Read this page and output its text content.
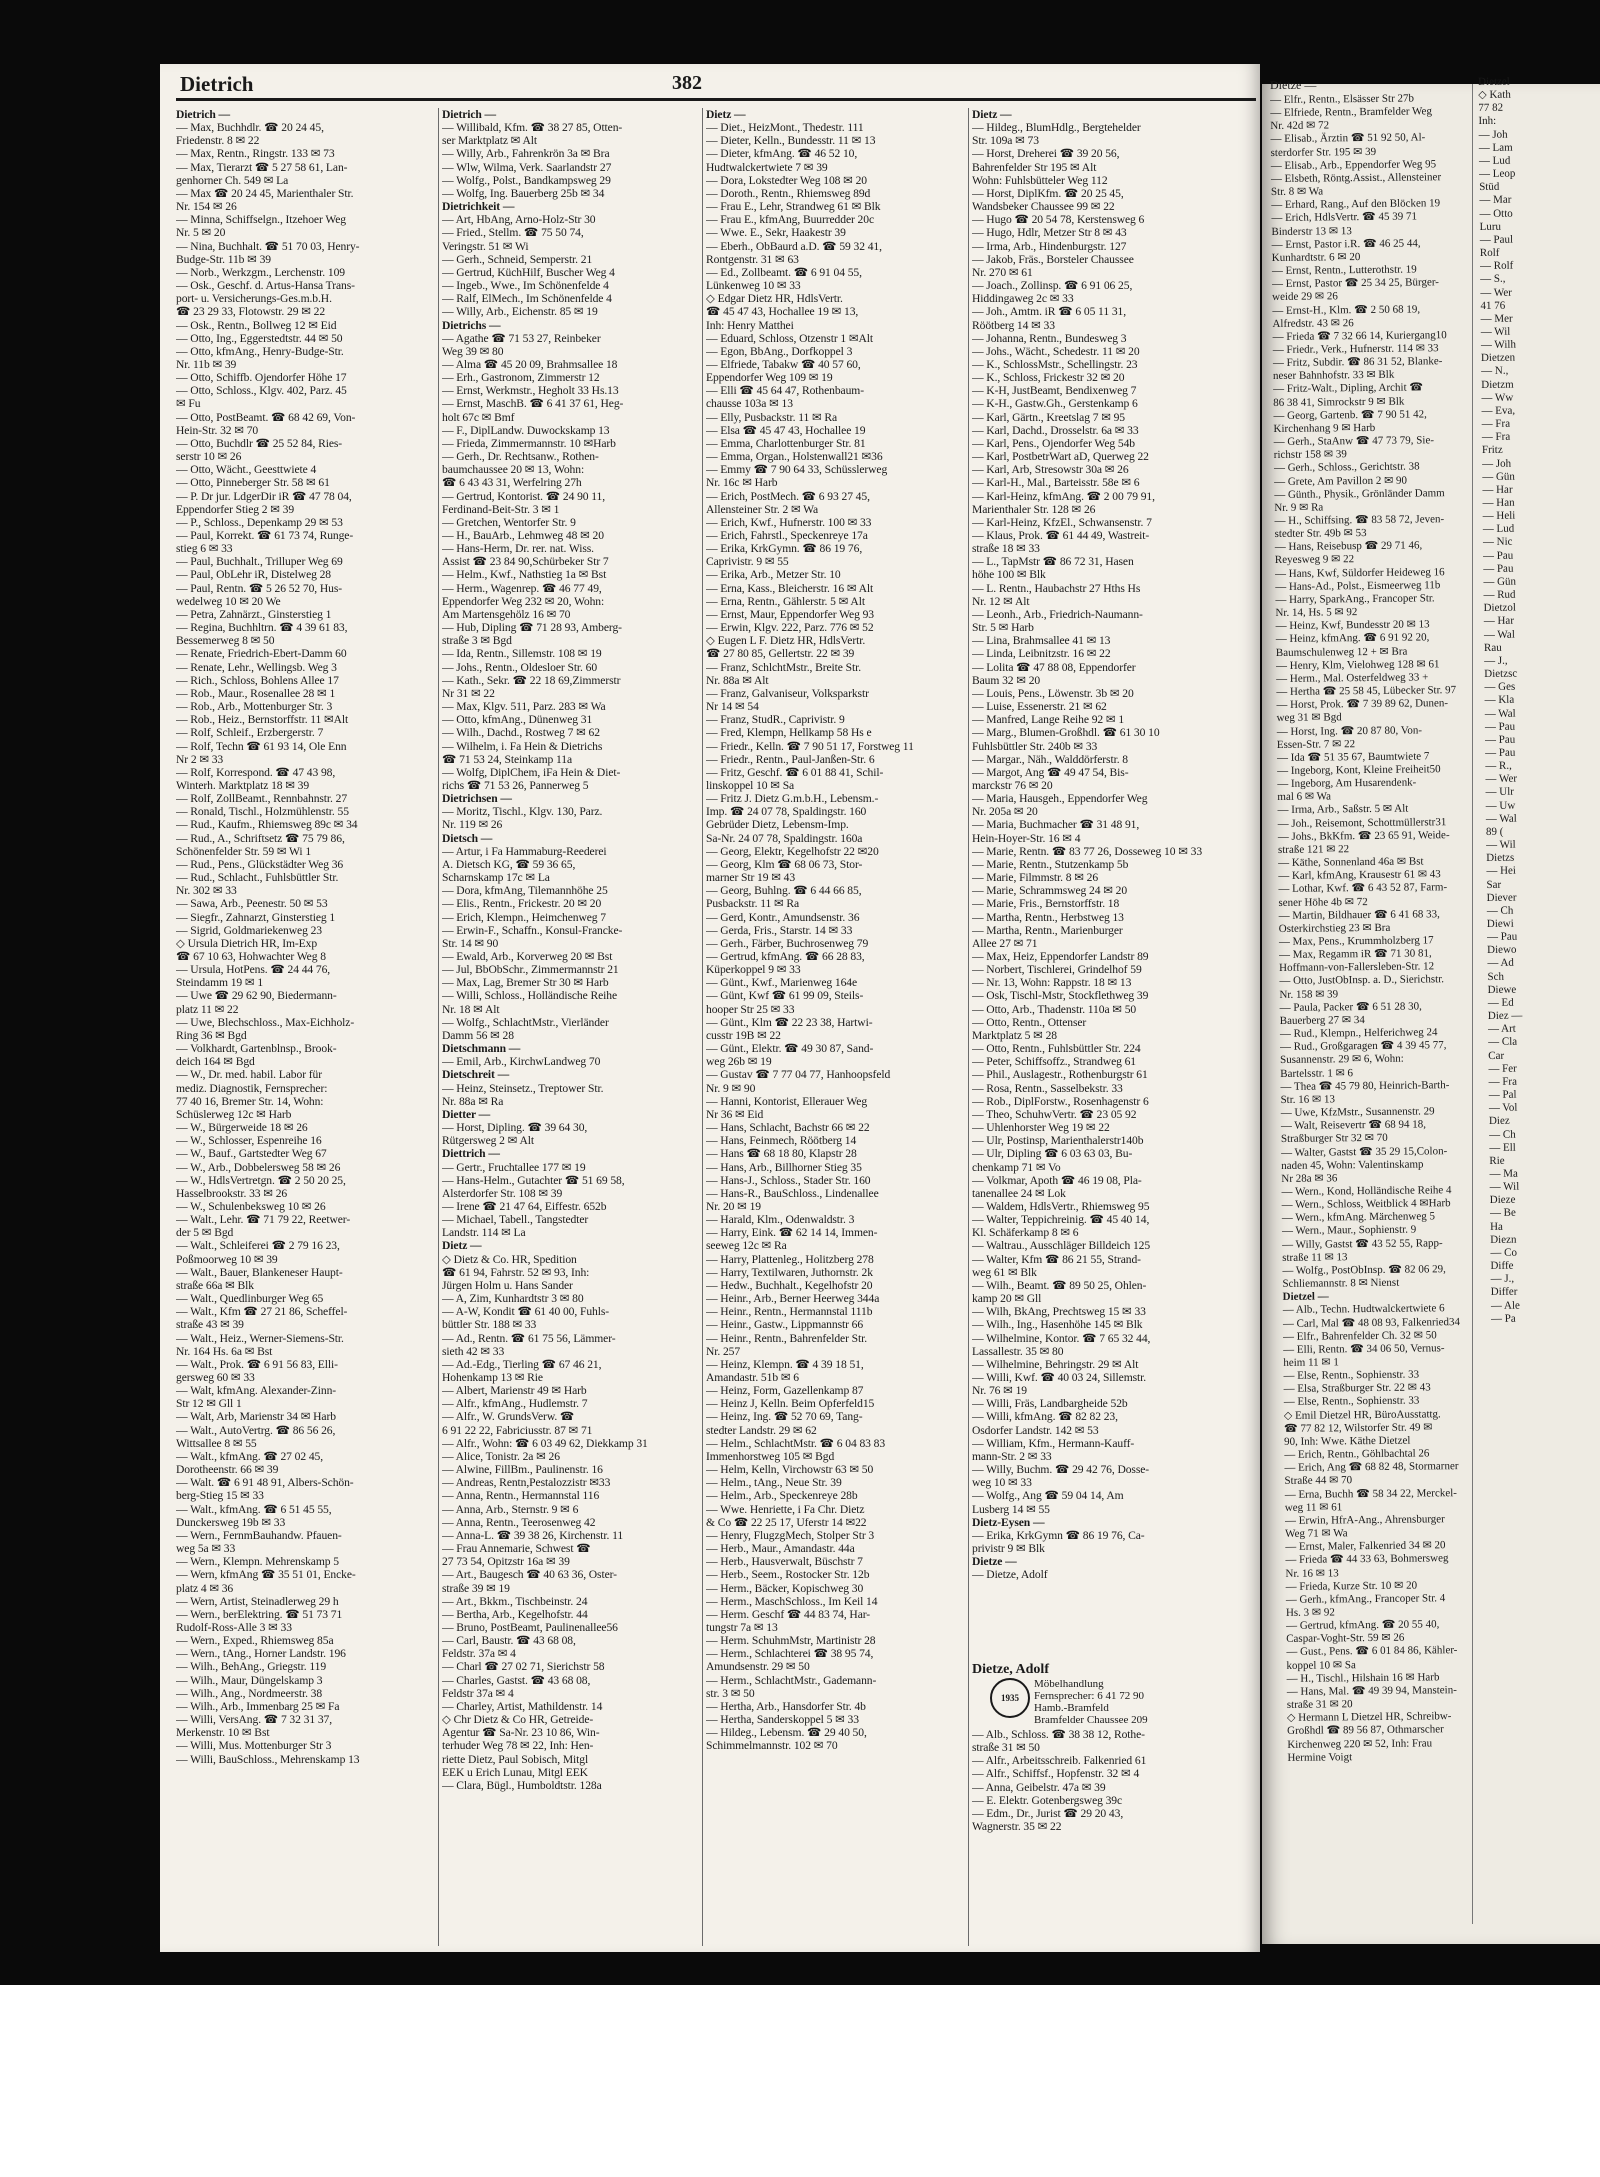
Dietrich	382
Dietrich —
— Max, Buchhdlr. ☎ 20 24 45,
Friedenstr. 8 ✉ 22
— Max, Rentn., Ringstr. 133 ✉ 73
— Max, Tierarzt ☎ 5 27 58 61, Lan-
genhorner Ch. 549 ✉ La
— Max ☎ 20 24 45, Marienthaler Str.
Nr. 154 ✉ 26
— Minna, Schiffselgn., Itzehoer Weg
Nr. 5 ✉ 20
— Nina, Buchhalt. ☎ 51 70 03, Henry-
Budge-Str. 11b ✉ 39
— Norb., Werkzgm., Lerchenstr. 109
— Osk., Geschf. d. Artus-Hansa Trans-
port- u. Versicherungs-Ges.m.b.H.
☎ 23 29 33, Flotowstr. 29 ✉ 22
— Osk., Rentn., Bollweg 12 ✉ Eid
— Otto, Ing., Eggerstedtstr. 44 ✉ 50
— Otto, kfmAng., Henry-Budge-Str.
Nr. 11b ✉ 39
— Otto, Schiffb. Ojendorfer Höhe 17
— Otto, Schloss., Klgv. 402, Parz. 45
✉ Fu
— Otto, PostBeamt. ☎ 68 42 69, Von-
Hein-Str. 32 ✉ 70
— Otto, Buchdlr ☎ 25 52 84, Ries-
serstr 10 ✉ 26
— Otto, Wächt., Geesttwiete 4
— Otto, Pinneberger Str. 58 ✉ 61
— P. Dr jur. LdgerDir iR ☎ 47 78 04,
Eppendorfer Stieg 2 ✉ 39
— P., Schloss., Depenkamp 29 ✉ 53
— Paul, Korrekt. ☎ 61 73 74, Runge-
stieg 6 ✉ 33
— Paul, Buchhalt., Trilluper Weg 69
— Paul, ObLehr iR, Distelweg 28
— Paul, Rentn. ☎ 5 26 52 70, Hus-
wedelweg 10 ✉ 20 We
— Petra, Zahnärzt., Ginsterstieg 1
— Regina, Buchhltrn. ☎ 4 39 61 83,
Bessemerweg 8 ✉ 50
— Renate, Friedrich-Ebert-Damm 60
— Renate, Lehr., Wellingsb. Weg 3
— Rich., Schloss, Bohlens Allee 17
— Rob., Maur., Rosenallee 28 ✉ 1
— Rob., Arb., Mottenburger Str. 3
— Rob., Heiz., Bernstorffstr. 11 ✉Alt
— Rolf, Schleif., Erzbergerstr. 7
— Rolf, Techn ☎ 61 93 14, Ole Enn
Nr 2 ✉ 33
— Rolf, Korrespond. ☎ 47 43 98,
Winterh. Marktplatz 18 ✉ 39
— Rolf, ZollBeamt., Rennbahnstr. 27
— Ronald, Tischl., Holzmühlenstr. 55
— Rud., Kaufm., Rhiemsweg 89c ✉ 34
— Rud., A., Schriftsetz ☎ 75 79 86,
Schönenfelder Str. 59 ✉ Wi 1
— Rud., Pens., Glückstädter Weg 36
— Rud., Schlacht., Fuhlsbüttler Str.
Nr. 302 ✉ 33
— Sawa, Arb., Peenestr. 50 ✉ 53
— Siegfr., Zahnarzt, Ginsterstieg 1
— Sigrid, Goldmariekenweg 23
◇ Ursula Dietrich HR, Im-Exp
☎ 67 10 63, Hohwachter Weg 8
— Ursula, HotPens. ☎ 24 44 76,
Steindamm 19 ✉ 1
— Uwe ☎ 29 62 90, Biedermann-
platz 11 ✉ 22
— Uwe, Blechschloss., Max-Eichholz-
Ring 36 ✉ Bgd
— Volkhardt, Gartenblnsp., Brook-
deich 164 ✉ Bgd
— W., Dr. med. habil. Labor für
mediz. Diagnostik, Fernsprecher:
77 40 16, Bremer Str. 14, Wohn:
Schüslerweg 12c ✉ Harb
— W., Bürgerweide 18 ✉ 26
— W., Schlosser, Espenreihe 16
— W., Bauf., Gartstedter Weg 67
— W., Arb., Dobbelersweg 58 ✉ 26
— W., HdlsVertretgn. ☎ 2 50 20 25,
Hasselbrookstr. 33 ✉ 26
— W., Schulenbeksweg 10 ✉ 26
— Walt., Lehr. ☎ 71 79 22, Reetwer-
der 5 ✉ Bgd
— Walt., Schleiferei ☎ 2 79 16 23,
Poßmoorweg 10 ✉ 39
— Walt., Bauer, Blankeneser Haupt-
straße 66a ✉ Blk
— Walt., Quedlinburger Weg 65
— Walt., Kfm ☎ 27 21 86, Scheffel-
straße 43 ✉ 39
— Walt., Heiz., Werner-Siemens-Str.
Nr. 164 Hs. 6a ✉ Bst
— Walt., Prok. ☎ 6 91 56 83, Elli-
gersweg 60 ✉ 33
— Walt, kfmAng. Alexander-Zinn-
Str 12 ✉ Gll 1
— Walt, Arb, Marienstr 34 ✉ Harb
— Walt., AutoVertrg. ☎ 86 56 26,
Wittsallee 8 ✉ 55
— Walt., kfmAng. ☎ 27 02 45,
Dorotheenstr. 66 ✉ 39
— Walt. ☎ 6 91 48 91, Albers-Schön-
berg-Stieg 15 ✉ 33
— Walt., kfmAng. ☎ 6 51 45 55,
Dunckersweg 19b ✉ 33
— Wern., FernmBauhandw. Pfauen-
weg 5a ✉ 33
— Wern., Klempn. Mehrenskamp 5
— Wern, kfmAng ☎ 35 51 01, Encke-
platz 4 ✉ 36
— Wern, Artist, Steinadlerweg 29 h
— Wern., berElektring. ☎ 51 73 71
Rudolf-Ross-Alle 3 ✉ 33
— Wern., Exped., Rhiemsweg 85a
— Wern., tAng., Horner Landstr. 196
— Wilh., BehAng., Griegstr. 119
— Wilh., Maur, Düngelskamp 3
— Wilh., Ang., Nordmeerstr. 38
— Wilh., Arb., Immenbarg 25 ✉ Fa
— Willi, VersAng. ☎ 7 32 31 37,
Merkenstr. 10 ✉ Bst
— Willi, Mus. Mottenburger Str 3
— Willi, BauSchloss., Mehrenskamp 13
Dietrich —
— Willibald, Kfm. ☎ 38 27 85, Otten-
ser Marktplatz ✉ Alt
— Willy, Arb., Fahrenkrön 3a ✉ Bra
— Wlw, Wilma, Verk. Saarlandstr 27
— Wolfg., Polst., Bandkampsweg 29
— Wolfg, Ing. Bauerberg 25b ✉ 34
Dietrichkeit —
— Art, HbAng, Arno-Holz-Str 30
— Fried., Stellm. ☎ 75 50 74,
Veringstr. 51 ✉ Wi
— Gerh., Schneid, Semperstr. 21
— Gertrud, KüchHilf, Buscher Weg 4
— Ingeb., Wwe., Im Schönenfelde 4
— Ralf, ElMech., Im Schönenfelde 4
— Willy, Arb., Eichenstr. 85 ✉ 19
Dietrichs —
— Agathe ☎ 71 53 27, Reinbeker
Weg 39 ✉ 80
— Alma ☎ 45 20 09, Brahmsallee 18
— Erh., Gastronom, Zimmerstr 12
— Ernst, Werkmstr., Hegholt 33 Hs.13
— Ernst, MaschB. ☎ 6 41 37 61, Heg-
holt 67c ✉ Bmf
— F., DiplLandw. Duwockskamp 13
— Frieda, Zimmermannstr. 10 ✉Harb
— Gerh., Dr. Rechtsanw., Rothen-
baumchaussee 20 ✉ 13, Wohn:
☎ 6 43 43 31, Werfelring 27h
— Gertrud, Kontorist. ☎ 24 90 11,
Ferdinand-Beit-Str. 3 ✉ 1
— Gretchen, Wentorfer Str. 9
— H., BauArb., Lehmweg 48 ✉ 20
— Hans-Herm, Dr. rer. nat. Wiss.
Assist ☎ 23 84 90,Schürbeker Str 7
— Helm., Kwf., Nathstieg 1a ✉ Bst
— Herm., Wagenrep. ☎ 46 77 49,
Eppendorfer Weg 232 ✉ 20, Wohn:
Am Martensgehölz 16 ✉ 70
— Hub, Dipling ☎ 71 28 93, Amberg-
straße 3 ✉ Bgd
— Ida, Rentn., Sillemstr. 108 ✉ 19
— Johs., Rentn., Oldesloer Str. 60
— Kath., Sekr. ☎ 22 18 69,Zimmerstr
Nr 31 ✉ 22
— Max, Klgv. 511, Parz. 283 ✉ Wa
— Otto, kfmAng., Dünenweg 31
— Wilh., Dachd., Rostweg 7 ✉ 62
— Wilhelm, i. Fa Hein & Dietrichs
☎ 71 53 24, Steinkamp 11a
— Wolfg, DiplChem, iFa Hein & Diet-
richs ☎ 71 53 26, Pannerweg 5
Dietrichsen —
— Moritz, Tischl., Klgv. 130, Parz.
Nr. 119 ✉ 26
Dietsch —
— Artur, i Fa Hammaburg-Reederei
A. Dietsch KG, ☎ 59 36 65,
Scharnskamp 17c ✉ La
— Dora, kfmAng, Tilemannhöhe 25
— Elis., Rentn., Frickestr. 20 ✉ 20
— Erich, Klempn., Heimchenweg 7
— Erwin-F., Schaffn., Konsul-Francke-
Str. 14 ✉ 90
— Ewald, Arb., Korverweg 20 ✉ Bst
— Jul, BbObSchr., Zimmermannstr 21
— Max, Lag, Bremer Str 30 ✉ Harb
— Willi, Schloss., Holländische Reihe
Nr. 18 ✉ Alt
— Wolfg., SchlachtMstr., Vierländer
Damm 56 ✉ 28
Dietschmann —
— Emil, Arb., KirchwLandweg 70
Dietschreit —
— Heinz, Steinsetz., Treptower Str.
Nr. 88a ✉ Ra
Dietter —
— Horst, Dipling. ☎ 39 64 30,
Rütgersweg 2 ✉ Alt
Diettrich —
— Gertr., Fruchtallee 177 ✉ 19
— Hans-Helm., Gutachter ☎ 51 69 58,
Alsterdorfer Str. 108 ✉ 39
— Irene ☎ 21 47 64, Eiffestr. 652b
— Michael, Tabell., Tangstedter
Landstr. 114 ✉ La
Dietz —
◇ Dietz & Co. HR, Spedition
☎ 61 94, Fahrstr. 52 ✉ 93, Inh:
Jürgen Holm u. Hans Sander
— A, Zim, Kunhardtstr 3 ✉ 80
— A-W, Kondit ☎ 61 40 00, Fuhls-
büttler Str. 188 ✉ 33
— Ad., Rentn. ☎ 61 75 56, Lämmer-
sieth 42 ✉ 33
— Ad.-Edg., Tierling ☎ 67 46 21,
Hohenkamp 13 ✉ Rie
— Albert, Marienstr 49 ✉ Harb
— Alfr., kfmAng., Hudlemstr. 7
— Alfr., W. GrundsVerw. ☎
6 91 22 22, Fabriciusstr. 87 ✉ 71
— Alfr., Wohn: ☎ 6 03 49 62, Diekkamp 31
— Alice, Tonistr. 2a ✉ 26
— Alwine, FillBm., Paulinenstr. 16
— Andreas, Rentn,Pestalozzistr ✉33
— Anna, Rentn., Hermannstal 116
— Anna, Arb., Sternstr. 9 ✉ 6
— Anna, Rentn., Teerosenweg 42
— Anna-L. ☎ 39 38 26, Kirchenstr. 11
— Frau Annemarie, Schwest ☎
27 73 54, Opitzstr 16a ✉ 39
— Art., Baugesch ☎ 40 63 36, Oster-
straße 39 ✉ 19
— Art., Bkkm., Tischbeinstr. 24
— Bertha, Arb., Kegelhofstr. 44
— Bruno, PostBeamt, Paulinenallee56
— Carl, Baustr. ☎ 43 68 08,
Feldstr. 37a ✉ 4
— Charl ☎ 27 02 71, Sierichstr 58
— Charles, Gastst. ☎ 43 68 08,
Feldstr 37a ✉ 4
— Charley, Artist, Mathildenstr. 14
◇ Chr Dietz & Co HR, Getreide-
Agentur ☎ Sa-Nr. 23 10 86, Win-
terhuder Weg 78 ✉ 22, Inh: Hen-
riette Dietz, Paul Sobisch, Mitgl
EEK u Erich Lunau, Mitgl EEK
— Clara, Bügl., Humboldtstr. 128a
Dietz —
— Diet., HeizMont., Thedestr. 111
— Dieter, Kelln., Bundesstr. 11 ✉ 13
— Dieter, kfmAng. ☎ 46 52 10,
Hudtwalckertwiete 7 ✉ 39
— Dora, Lokstedter Weg 108 ✉ 20
— Doroth., Rentn., Rhiemsweg 89d
— Frau E., Lehr, Strandweg 61 ✉ Blk
— Frau E., kfmAng, Buurredder 20c
— Wwe. E., Sekr, Haakestr 39
— Eberh., ObBaurd a.D. ☎ 59 32 41,
Rontgenstr. 31 ✉ 63
— Ed., Zollbeamt. ☎ 6 91 04 55,
Lünkenweg 10 ✉ 33
◇ Edgar Dietz HR, HdlsVertr.
☎ 45 47 43, Hochallee 19 ✉ 13,
Inh: Henry Matthei
— Eduard, Schloss, Otzenstr 1 ✉Alt
— Egon, BbAng., Dorfkoppel 3
— Elfriede, Tabakw ☎ 40 57 60,
Eppendorfer Weg 109 ✉ 19
— Elli ☎ 45 64 47, Rothenbaum-
chausse 103a ✉ 13
— Elly, Pusbackstr. 11 ✉ Ra
— Elsa ☎ 45 47 43, Hochallee 19
— Emma, Charlottenburger Str. 81
— Emma, Organ., Holstenwall21 ✉36
— Emmy ☎ 7 90 64 33, Schüsslerweg
Nr. 16c ✉ Harb
— Erich, PostMech. ☎ 6 93 27 45,
Allensteiner Str. 2 ✉ Wa
— Erich, Kwf., Hufnerstr. 100 ✉ 33
— Erich, Fahrstl., Speckenreye 17a
— Erika, KrkGymn. ☎ 86 19 76,
Caprivistr. 9 ✉ 55
— Erika, Arb., Metzer Str. 10
— Erna, Kass., Bleicherstr. 16 ✉ Alt
— Erna, Rentn., Gählerstr. 5 ✉ Alt
— Ernst, Maur, Eppendorfer Weg 93
— Erwin, Klgv. 222, Parz. 776 ✉ 52
◇ Eugen L F. Dietz HR, HdlsVertr.
☎ 27 80 85, Gellertstr. 22 ✉ 39
— Franz, SchlchtMstr., Breite Str.
Nr. 88a ✉ Alt
— Franz, Galvaniseur, Volksparkstr
Nr 14 ✉ 54
— Franz, StudR., Caprivistr. 9
— Fred, Klempn, Hellkamp 58 Hs e
— Friedr., Kelln. ☎ 7 90 51 17, Forstweg 11
— Friedr., Rentn., Paul-Janßen-Str. 6
— Fritz, Geschf. ☎ 6 01 88 41, Schil-
linskoppel 10 ✉ Sa
— Fritz J. Dietz G.m.b.H., Lebensm.-
Imp. ☎ 24 07 78, Spaldingstr. 160
Gebrüder Dietz, Lebensm-Imp.
Sa-Nr. 24 07 78, Spaldingstr. 160a
— Georg, Elektr, Kegelhofstr 22 ✉20
— Georg, Klm ☎ 68 06 73, Stor-
marner Str 19 ✉ 43
— Georg, Buhlng. ☎ 6 44 66 85,
Pusbackstr. 11 ✉ Ra
— Gerd, Kontr., Amundsenstr. 36
— Gerda, Fris., Starstr. 14 ✉ 33
— Gerh., Färber, Buchrosenweg 79
— Gertrud, kfmAng. ☎ 66 28 83,
Küperkoppel 9 ✉ 33
— Günt., Kwf., Marienweg 164e
— Günt, Kwf ☎ 61 99 09, Steils-
hooper Str 25 ✉ 33
— Günt., Klm ☎ 22 23 38, Hartwi-
cusstr 19B ✉ 22
— Günt., Elektr. ☎ 49 30 87, Sand-
weg 26b ✉ 19
— Gustav ☎ 7 77 04 77, Hanhoopsfeld
Nr. 9 ✉ 90
— Hanni, Kontorist, Ellerauer Weg
Nr 36 ✉ Eid
— Hans, Schlacht, Bachstr 66 ✉ 22
— Hans, Feinmech, Röötberg 14
— Hans ☎ 68 18 80, Klapstr 28
— Hans, Arb., Billhorner Stieg 35
— Hans-J., Schloss., Stader Str. 160
— Hans-R., BauSchloss., Lindenallee
Nr. 20 ✉ 19
— Harald, Klm., Odenwaldstr. 3
— Harry, Eink. ☎ 62 14 14, Immen-
seeweg 12c ✉ Ra
— Harry, Plattenleg., Holitzberg 278
— Harry, Textilwaren, Juthornstr. 2k
— Hedw., Buchhalt., Kegelhofstr 20
— Heinr., Arb., Berner Heerweg 344a
— Heinr., Rentn., Hermannstal 111b
— Heinr., Gastw., Lippmannstr 66
— Heinr., Rentn., Bahrenfelder Str.
Nr. 257
— Heinz, Klempn. ☎ 4 39 18 51,
Amandastr. 51b ✉ 6
— Heinz, Form, Gazellenkamp 87
— Heinz J, Kelln. Beim Opferfeld15
— Heinz, Ing. ☎ 52 70 69, Tang-
stedter Landstr. 29 ✉ 62
— Helm., SchlachtMstr. ☎ 6 04 83 83
Immenhorstweg 105 ✉ Bgd
— Helm, Kelln, Virchowstr 63 ✉ 50
— Helm., tAng., Neue Str. 39
— Helm., Arb., Speckenreye 28b
— Wwe. Henriette, i Fa Chr. Dietz
& Co ☎ 22 25 17, Uferstr 14 ✉22
— Henry, FlugzgMech, Stolper Str 3
— Herb., Maur., Amandastr. 44a
— Herb., Hausverwalt, Büschstr 7
— Herb., Seem., Rostocker Str. 12b
— Herm., Bäcker, Kopischweg 30
— Herm., MaschSchloss., Im Keil 14
— Herm. Geschf ☎ 44 83 74, Har-
tungstr 7a ✉ 13
— Herm. SchuhmMstr, Martinistr 28
— Herm., Schlachterei ☎ 38 95 74,
Amundsenstr. 29 ✉ 50
— Herm., SchlachtMstr., Gademann-
str. 3 ✉ 50
— Hertha, Arb., Hansdorfer Str. 4b
— Hertha, Sanderskoppel 5 ✉ 33
— Hildeg., Lebensm. ☎ 29 40 50,
Schimmelmannstr. 102 ✉ 70
Dietz —
— Hildeg., BlumHdlg., Bergtehelder
Str. 109a ✉ 73
— Horst, Dreherei ☎ 39 20 56,
Bahrenfelder Str 195 ✉ Alt
Wohn: Fuhlsbütteler Weg 112
— Horst, DiplKfm. ☎ 20 25 45,
Wandsbeker Chaussee 99 ✉ 22
— Hugo ☎ 20 54 78, Kerstensweg 6
— Hugo, Hdlr, Metzer Str 8 ✉ 43
— Irma, Arb., Hindenburgstr. 127
— Jakob, Fräs., Borsteler Chaussee
Nr. 270 ✉ 61
— Joach., Zollinsp. ☎ 6 91 06 25,
Hiddingaweg 2c ✉ 33
— Joh., Amtm. iR ☎ 6 05 11 31,
Röötberg 14 ✉ 33
— Johanna, Rentn., Bundesweg 3
— Johs., Wächt., Schedestr. 11 ✉ 20
— K., SchlossMstr., Schellingstr. 23
— K., Schloss, Frickestr 32 ✉ 20
— K-H, JustBeamt, Bendixenweg 7
— K-H., Gastw.Gh., Gerstenkamp 6
— Karl, Gärtn., Kreetslag 7 ✉ 95
— Karl, Dachd., Drosselstr. 6a ✉ 33
— Karl, Pens., Ojendorfer Weg 54b
— Karl, PostbetrWart aD, Querweg 22
— Karl, Arb, Stresowstr 30a ✉ 26
— Karl-H., Mal., Barteisstr. 58e ✉ 6
— Karl-Heinz, kfmAng. ☎ 2 00 79 91,
Marienthaler Str. 128 ✉ 26
— Karl-Heinz, KfzEl., Schwansenstr. 7
— Klaus, Prok. ☎ 61 44 49, Wastreit-
straße 18 ✉ 33
— L., TapMstr ☎ 86 72 31, Hasen
höhe 100 ✉ Blk
— L. Rentn., Haubachstr 27 Hths Hs
Nr. 12 ✉ Alt
— Leonh., Arb., Friedrich-Naumann-
Str. 5 ✉ Harb
— Lina, Brahmsallee 41 ✉ 13
— Linda, Leibnitzstr. 16 ✉ 22
— Lolita ☎ 47 88 08, Eppendorfer
Baum 32 ✉ 20
— Louis, Pens., Löwenstr. 3b ✉ 20
— Luise, Essenerstr. 21 ✉ 62
— Manfred, Lange Reihe 92 ✉ 1
— Marg., Blumen-Großhdl. ☎ 61 30 10
Fuhlsbüttler Str. 240b ✉ 33
— Margar., Näh., Walddörferstr. 8
— Margot, Ang ☎ 49 47 54, Bis-
marckstr 76 ✉ 20
— Maria, Hausgeh., Eppendorfer Weg
Nr. 205a ✉ 20
— Maria, Buchmacher ☎ 31 48 91,
Hein-Hoyer-Str. 16 ✉ 4
— Marie, Rentn. ☎ 83 77 26, Dosseweg 10 ✉ 33
— Marie, Rentn., Stutzenkamp 5b
— Marie, Filmmstr. 8 ✉ 26
— Marie, Schrammsweg 24 ✉ 20
— Marie, Fris., Bernstorffstr. 18
— Martha, Rentn., Herbstweg 13
— Martha, Rentn., Marienburger
Allee 27 ✉ 71
— Max, Heiz, Eppendorfer Landstr 89
— Norbert, Tischlerei, Grindelhof 59
— Nr. 13, Wohn: Rappstr. 18 ✉ 13
— Osk, Tischl-Mstr, Stockflethweg 39
— Otto, Arb., Thadenstr. 110a ✉ 50
— Otto, Rentn., Ottenser
Marktplatz 5 ✉ 28
— Otto, Rentn., Fuhlsbüttler Str. 224
— Peter, Schiffsoffz., Strandweg 61
— Phil., Auslagestr., Rothenburgstr 61
— Rosa, Rentn., Sasselbekstr. 33
— Rob., DiplForstw., Rosenhagenstr 6
— Theo, SchuhwVertr. ☎ 23 05 92
— Uhlenhorster Weg 19 ✉ 22
— Ulr, Postinsp, Marienthalerstr140b
— Ulr, Dipling ☎ 6 03 63 03, Bu-
chenkamp 71 ✉ Vo
— Volkmar, Apoth ☎ 46 19 08, Pla-
tanenallee 24 ✉ Lok
— Waldem, HdlsVertr., Rhiemsweg 95
— Walter, Teppichreinig. ☎ 45 40 14,
Kl. Schäferkamp 8 ✉ 6
— Waltrau., Ausschläger Billdeich 125
— Walter, Kfm ☎ 86 21 55, Strand-
weg 61 ✉ Blk
— Wilh., Beamt. ☎ 89 50 25, Ohlen-
kamp 20 ✉ Gll
— Wilh, BkAng, Prechtsweg 15 ✉ 33
— Wilh., Ing., Hasenhöhe 145 ✉ Blk
— Wilhelmine, Kontor. ☎ 7 65 32 44,
Lassallestr. 35 ✉ 80
— Wilhelmine, Behringstr. 29 ✉ Alt
— Willi, Kwf. ☎ 40 03 24, Sillemstr.
Nr. 76 ✉ 19
— Willi, Fräs, Landbargheide 52b
— Willi, kfmAng. ☎ 82 82 23,
Osdorfer Landstr. 142 ✉ 53
— William, Kfm., Hermann-Kauff-
mann-Str. 2 ✉ 33
— Willy, Buchm. ☎ 29 42 76, Dosse-
weg 10 ✉ 33
— Wolfg., Ang ☎ 59 04 14, Am
Lusberg 14 ✉ 55
Dietz-Eysen —
— Erika, KrkGymn ☎ 86 19 76, Ca-
privistr 9 ✉ Blk
Dietze —
— Dietze, Adolf
Dietze, Adolf
1935
Möbelhandlung
Fernsprecher: 6 41 72 90
Hamb.-Bramfeld
Bramfelder Chaussee 209
— Alb., Schloss. ☎ 38 38 12, Rothe-
straße 31 ✉ 50
— Alfr., Arbeitsschreib. Falkenried 61
— Alfr., Schiffsf., Hopfenstr. 32 ✉ 4
— Anna, Geibelstr. 47a ✉ 39
— E. Elektr. Gotenbergsweg 39c
— Edm., Dr., Jurist ☎ 29 20 43,
Wagnerstr. 35 ✉ 22
Dietze —
— Elfr., Rentn., Elsässer Str 27b
— Elfriede, Rentn., Bramfelder Weg
Nr. 42d ✉ 72
— Elisab., Ärztin ☎ 51 92 50, Al-
sterdorfer Str. 195 ✉ 39
— Elisab., Arb., Eppendorfer Weg 95
— Elsbeth, Röntg.Assist., Allensteiner
Str. 8 ✉ Wa
— Erhard, Rang., Auf den Blöcken 19
— Erich, HdlsVertr. ☎ 45 39 71
Binderstr 13 ✉ 13
— Ernst, Pastor i.R. ☎ 46 25 44,
Kunhardtstr. 6 ✉ 20
— Ernst, Rentn., Lutterothstr. 19
— Ernst, Pastor ☎ 25 34 25, Bürger-
weide 29 ✉ 26
— Ernst-H., Klm. ☎ 2 50 68 19,
Alfredstr. 43 ✉ 26
— Frieda ☎ 7 32 66 14, Kuriergang10
— Friedr., Verk., Hufnerstr. 114 ✉ 33
— Fritz, Subdir. ☎ 86 31 52, Blanke-
neser Bahnhofstr. 33 ✉ Blk
— Fritz-Walt., Dipling, Archit ☎
86 38 41, Simrockstr 9 ✉ Blk
— Georg, Gartenb. ☎ 7 90 51 42,
Kirchenhang 9 ✉ Harb
— Gerh., StaAnw ☎ 47 73 79, Sie-
richstr 158 ✉ 39
— Gerh., Schloss., Gerichtstr. 38
— Grete, Am Pavillon 2 ✉ 90
— Günth., Physik., Grönländer Damm
Nr. 9 ✉ Ra
— H., Schiffsing. ☎ 83 58 72, Jeven-
stedter Str. 49b ✉ 53
— Hans, Reisebusp ☎ 29 71 46,
Reyesweg 9 ✉ 22
— Hans, Kwf, Süldorfer Heideweg 16
— Hans-Ad., Polst., Eismeerweg 11b
— Harry, SparkAng., Francoper Str.
Nr. 14, Hs. 5 ✉ 92
— Heinz, Kwf, Bundesstr 20 ✉ 13
— Heinz, kfmAng. ☎ 6 91 92 20,
Baumschulenweg 12 + ✉ Bra
— Henry, Klm, Vielohweg 128 ✉ 61
— Herm., Mal. Osterfeldweg 33 +
— Hertha ☎ 25 58 45, Lübecker Str. 97
— Horst, Prok. ☎ 7 39 89 62, Dunen-
weg 31 ✉ Bgd
— Horst, Ing. ☎ 20 87 80, Von-
Essen-Str. 7 ✉ 22
— Ida ☎ 51 35 67, Baumtwiete 7
— Ingeborg, Kont, Kleine Freiheit50
— Ingeborg, Am Husarendenk-
mal 6 ✉ Wa
— Irma, Arb., Saßstr. 5 ✉ Alt
— Joh., Reisemont, Schottmüllerstr31
— Johs., BkKfm. ☎ 23 65 91, Weide-
straße 121 ✉ 22
— Käthe, Sonnenland 46a ✉ Bst
— Karl, kfmAng, Krausestr 61 ✉ 43
— Lothar, Kwf. ☎ 6 43 52 87, Farm-
sener Höhe 4b ✉ 72
— Martin, Bildhauer ☎ 6 41 68 33,
Osterkirchstieg 23 ✉ Bra
— Max, Pens., Krummholzberg 17
— Max, Regamm iR ☎ 71 30 81,
Hoffmann-von-Fallersleben-Str. 12
— Otto, JustObInsp. a. D., Sierichstr.
Nr. 158 ✉ 39
— Paula, Packer ☎ 6 51 28 30,
Bauerberg 27 ✉ 34
— Rud., Klempn., Helferichweg 24
— Rud., Großgaragen ☎ 4 39 45 77,
Susannenstr. 29 ✉ 6, Wohn:
Bartelsstr. 1 ✉ 6
— Thea ☎ 45 79 80, Heinrich-Barth-
Str. 16 ✉ 13
— Uwe, KfzMstr., Susannenstr. 29
— Walt, Reisevertr ☎ 68 94 18,
Straßburger Str 32 ✉ 70
— Walter, Gastst ☎ 35 29 15,Colon-
naden 45, Wohn: Valentinskamp
Nr 28a ✉ 36
— Wern., Kond, Holländische Reihe 4
— Wern., Schloss, Weitblick 4 ✉Harb
— Wern., kfmAng. Märchenweg 5
— Wern., Maur., Sophienstr. 9
— Willy, Gastst ☎ 43 52 55, Rapp-
straße 11 ✉ 13
— Wolfg., PostObInsp. ☎ 82 06 29,
Schliemannstr. 8 ✉ Nienst
Dietzel —
— Alb., Techn. Hudtwalckertwiete 6
— Carl, Mal ☎ 48 08 93, Falkenried34
— Elfr., Bahrenfelder Ch. 32 ✉ 50
— Elli, Rentn. ☎ 34 06 50, Vernus-
heim 11 ✉ 1
— Else, Rentn., Sophienstr. 33
— Elsa, Straßburger Str. 22 ✉ 43
— Else, Rentn., Sophienstr. 33
◇ Emil Dietzel HR, BüroAusstattg.
☎ 77 82 12, Wilstorfer Str. 49 ✉
90, Inh: Wwe. Käthe Dietzel
— Erich, Rentn., Göhlbachtal 26
— Erich, Ang ☎ 68 82 48, Stormarner
Straße 44 ✉ 70
— Erna, Buchh ☎ 58 34 22, Merckel-
weg 11 ✉ 61
— Erwin, HfrA-Ang., Ahrensburger
Weg 71 ✉ Wa
— Ernst, Maler, Falkenried 34 ✉ 20
— Frieda ☎ 44 33 63, Bohmersweg
Nr. 16 ✉ 13
— Frieda, Kurze Str. 10 ✉ 20
— Gerh., kfmAng., Francoper Str. 4
Hs. 3 ✉ 92
— Gertrud, kfmAng. ☎ 20 55 40,
Caspar-Voght-Str. 59 ✉ 26
— Gust., Pens. ☎ 6 01 84 86, Kähler-
koppel 10 ✉ Sa
— H., Tischl., Hilshain 16 ✉ Harb
— Hans, Mal. ☎ 49 39 94, Manstein-
straße 31 ✉ 20
◇ Hermann L Dietzel HR, Schreibw-
Großhdl ☎ 89 56 87, Othmarscher
Kirchenweg 220 ✉ 52, Inh: Frau
Hermine Voigt
Dietzel
◇ Kath
77 82
Inh:
— Joh
— Lam
— Lud
— Leop
Stüd
— Mar
— Otto
Luru
— Paul
Rolf
— Rolf
— S.,
— Wer
41 76
— Mer
— Wil
— Wilh
Dietzen
— N.,
Dietzm
— Ww
— Eva,
— Fra
— Fra
Fritz
— Joh
— Gün
— Har
— Han
— Heli
— Lud
— Nic
— Pau
— Pau
— Gün
— Rud
Dietzol
— Har
— Wal
Rau
— J.,
Dietzsc
— Ges
— Kla
— Wal
— Pau
— Pau
— Pau
— R.,
— Wer
— Ulr
— Uw
— Wal
89 (
— Wil
Dietzs
— Hei
Sar
Diever
— Ch
Diewi
— Pau
Diewo
— Ad
Sch
Diewe
— Ed
Diez —
— Art
— Cla
Car
— Fer
— Fra
— Pal
— Vol
Diez
— Ch
— Ell
Rie
— Ma
— Wil
Dieze
— Be
Ha
Diezn
— Co
Diffe
— J.,
Differ
— Ale
— Pa
